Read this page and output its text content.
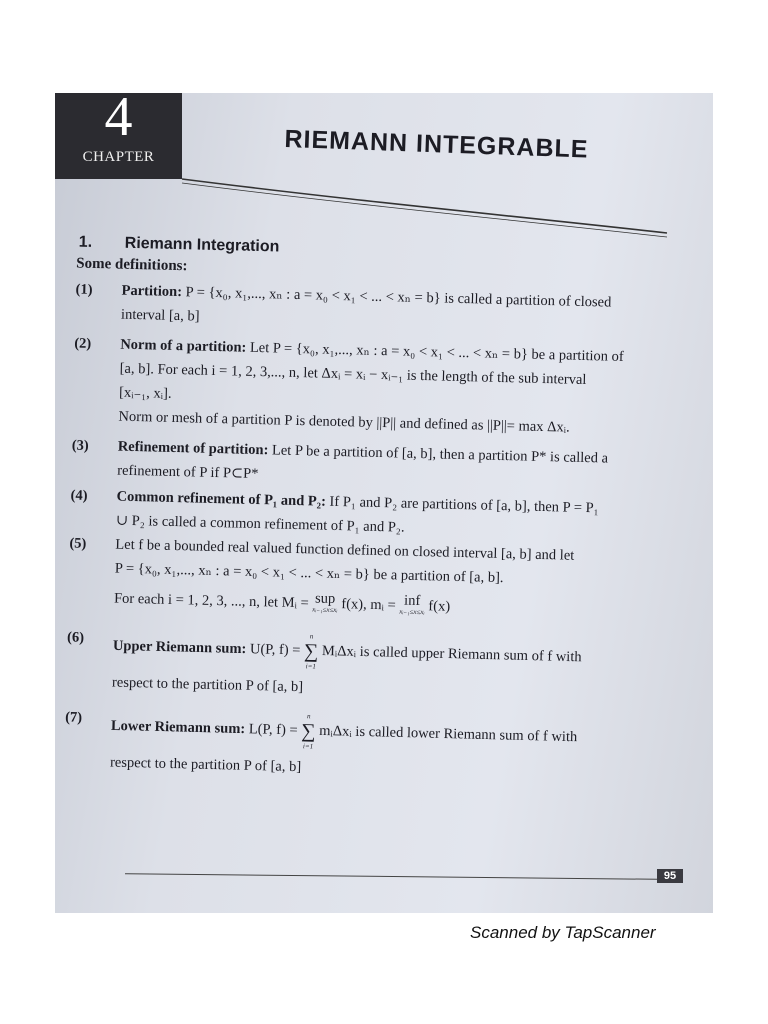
4
CHAPTER	RIEMANN INTEGRABLE
1. Riemann Integration
Some definitions:
(1) Partition: P = {x₀, x₁,..., xₙ : a = x₀ < x₁ < ... < xₙ = b} is called a partition of closed
interval [a, b]
(2) Norm of a partition: Let P = {x₀, x₁,..., xₙ : a = x₀ < x₁ < ... < xₙ = b} be a partition of
[a, b]. For each i = 1, 2, 3,..., n, let Δxᵢ = xᵢ − xᵢ₋₁ is the length of the sub interval
[xᵢ₋₁, xᵢ].
Norm or mesh of a partition P is denoted by ||P|| and defined as ||P||= max Δxᵢ.
(3) Refinement of partition: Let P be a partition of [a, b], then a partition P* is called a
refinement of P if P⊂P*
(4) Common refinement of P₁ and P₂: If P₁ and P₂ are partitions of [a, b], then P = P₁
∪ P₂ is called a common refinement of P₁ and P₂.
(5) Let f be a bounded real valued function defined on closed interval [a, b] and let
P = {x₀, x₁,..., xₙ : a = x₀ < x₁ < ... < xₙ = b} be a partition of [a, b].
For each i = 1, 2, 3, ..., n, let Mᵢ = sup
xᵢ₋₁≤x≤xᵢ f(x), mᵢ = inf
xᵢ₋₁≤x≤xᵢ f(x)
(6)
Upper Riemann sum: U(P, f) =
n
∑
i=1
MᵢΔxᵢ is called upper Riemann sum of f with
respect to the partition P of [a, b]
(7)
Lower Riemann sum: L(P, f) =
n
∑
i=1
mᵢΔxᵢ is called lower Riemann sum of f with
respect to the partition P of [a, b]
95
Scanned by TapScanner
